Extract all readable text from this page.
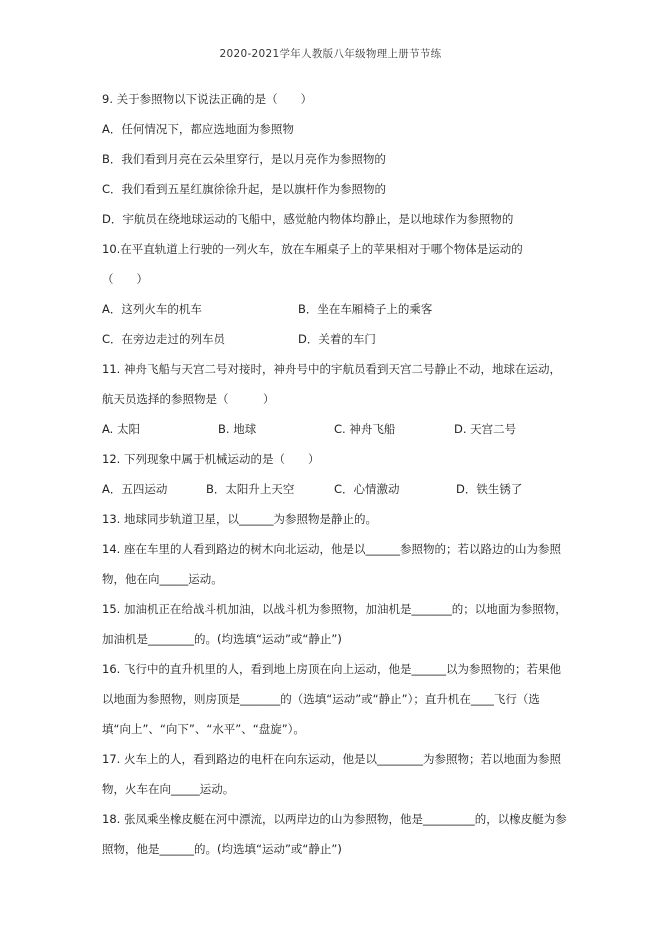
2020-2021学年人教版八年级物理上册节节练
9. 关于参照物以下说法正确的是（　　）
A．任何情况下，都应选地面为参照物
B．我们看到月亮在云朵里穿行，是以月亮作为参照物的
C．我们看到五星红旗徐徐升起，是以旗杆作为参照物的
D．宇航员在绕地球运动的飞船中，感觉舱内物体均静止，是以地球作为参照物的
10.在平直轨道上行驶的一列火车，放在车厢桌子上的苹果相对于哪个物体是运动的
（　　）
A．这列火车的机车	B．坐在车厢椅子上的乘客
C．在旁边走过的列车员	D．关着的车门
11. 神舟飞船与天宫二号对接时，神舟号中的宇航员看到天宫二号静止不动，地球在运动，
航天员选择的参照物是（　　　）
A. 太阳	B. 地球	C. 神舟飞船	D. 天宫二号
12. 下列现象中属于机械运动的是（　　）
A．五四运动	B．太阳升上天空	C．心情激动	D．铁生锈了
13. 地球同步轨道卫星，以______为参照物是静止的。
14. 座在车里的人看到路边的树木向北运动，他是以______参照物的；若以路边的山为参照
物，他在向_____运动。
15. 加油机正在给战斗机加油，以战斗机为参照物，加油机是_______的；以地面为参照物，
加油机是________的。(均选填“运动”或“静止”)
16. 飞行中的直升机里的人，看到地上房顶在向上运动，他是______以为参照物的；若果他
以地面为参照物，则房顶是_______的（选填“运动”或“静止”）；直升机在____飞行（选
填“向上”、“向下”、“水平”、“盘旋”）。
17. 火车上的人，看到路边的电杆在向东运动，他是以________为参照物；若以地面为参照
物，火车在向_____运动。
18. 张凤乘坐橡皮艇在河中漂流，以两岸边的山为参照物，他是_________的，以橡皮艇为参
照物，他是______的。(均选填“运动”或“静止”)
